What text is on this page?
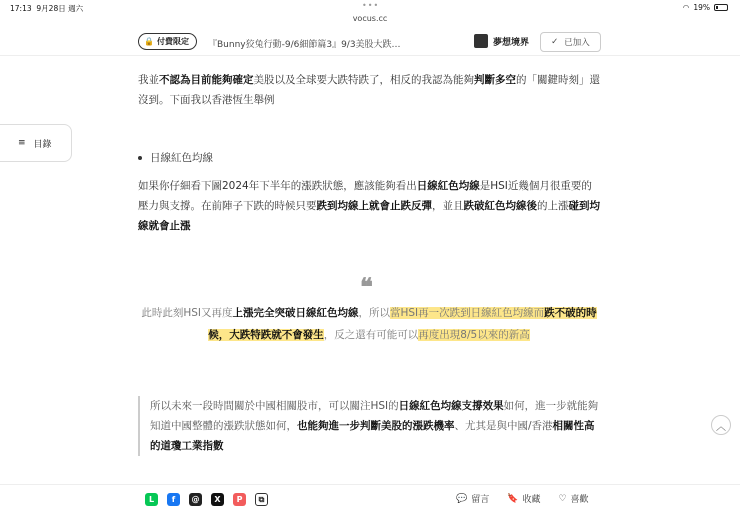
17:13 9月28日 週六	•••	◠ 19%
vocus.cc
🔒 付費限定 『Bunny狡兔行動-9/6細節篇3』9/3美股大跌…	夢想境界	✓ 已加入
≡ 目錄

我並不認為目前能夠確定美股以及全球要大跌特跌了，相反的我認為能夠判斷多空的「關鍵時刻」還沒到。下面我以香港恆生舉例

日線紅色均線

如果你仔細看下圖2024年下半年的漲跌狀態，應該能夠看出日線紅色均線是HSI近幾個月很重要的壓力與支撐。在前陣子下跌的時候只要跌到均線上就會止跌反彈，並且跌破紅色均線後的上漲碰到均線就會止漲

❝

此時此刻HSI又再度上漲完全突破日線紅色均線，所以當HSI再一次跌到日線紅色均線而跌不破的時候，大跌特跌就不會發生，反之還有可能可以再度出現8/5以來的新高

所以未來一段時間關於中國相關股市，可以關注HSI的日線紅色均線支撐效果如何，進一步就能夠知道中國整體的漲跌狀態如何，也能夠進一步判斷美股的漲跌機率、尤其是與中國/香港相關性高的道瓊工業指數

︿
L	f	@	X	P	⧉	💬 留言 🔖 收藏 ♡ 喜歡
